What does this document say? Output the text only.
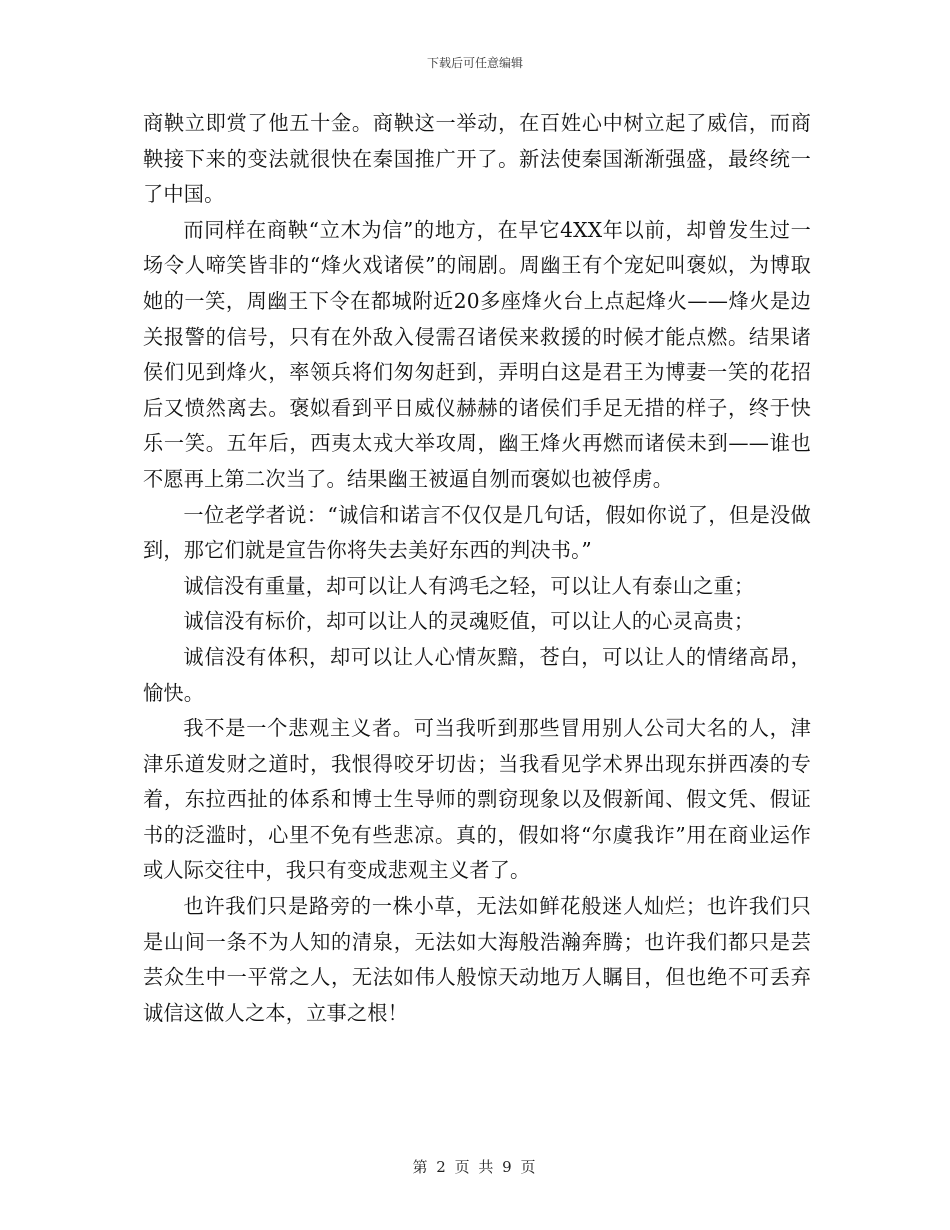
下载后可任意编辑

商鞅立即赏了他五十金。商鞅这一举动，在百姓心中树立起了威信，而商鞅接下来的变法就很快在秦国推广开了。新法使秦国渐渐强盛，最终统一了中国。

而同样在商鞅“立木为信”的地方，在早它4XX年以前，却曾发生过一场令人啼笑皆非的“烽火戏诸侯”的闹剧。周幽王有个宠妃叫褒姒，为博取她的一笑，周幽王下令在都城附近20多座烽火台上点起烽火——烽火是边关报警的信号，只有在外敌入侵需召诸侯来救援的时候才能点燃。结果诸侯们见到烽火，率领兵将们匆匆赶到，弄明白这是君王为博妻一笑的花招后又愤然离去。褒姒看到平日威仪赫赫的诸侯们手足无措的样子，终于快乐一笑。五年后，西夷太戎大举攻周，幽王烽火再燃而诸侯未到——谁也不愿再上第二次当了。结果幽王被逼自刎而褒姒也被俘虏。

一位老学者说：“诚信和诺言不仅仅是几句话，假如你说了，但是没做到，那它们就是宣告你将失去美好东西的判决书。”

诚信没有重量，却可以让人有鸿毛之轻，可以让人有泰山之重；

诚信没有标价，却可以让人的灵魂贬值，可以让人的心灵高贵；

诚信没有体积，却可以让人心情灰黯，苍白，可以让人的情绪高昂，愉快。

我不是一个悲观主义者。可当我听到那些冒用别人公司大名的人，津津乐道发财之道时，我恨得咬牙切齿；当我看见学术界出现东拼西凑的专着，东拉西扯的体系和博士生导师的剽窃现象以及假新闻、假文凭、假证书的泛滥时，心里不免有些悲凉。真的，假如将“尔虞我诈”用在商业运作或人际交往中，我只有变成悲观主义者了。

也许我们只是路旁的一株小草，无法如鲜花般迷人灿烂；也许我们只是山间一条不为人知的清泉，无法如大海般浩瀚奔腾；也许我们都只是芸芸众生中一平常之人，无法如伟人般惊天动地万人瞩目，但也绝不可丢弃诚信这做人之本，立事之根！

第 2 页 共 9 页
